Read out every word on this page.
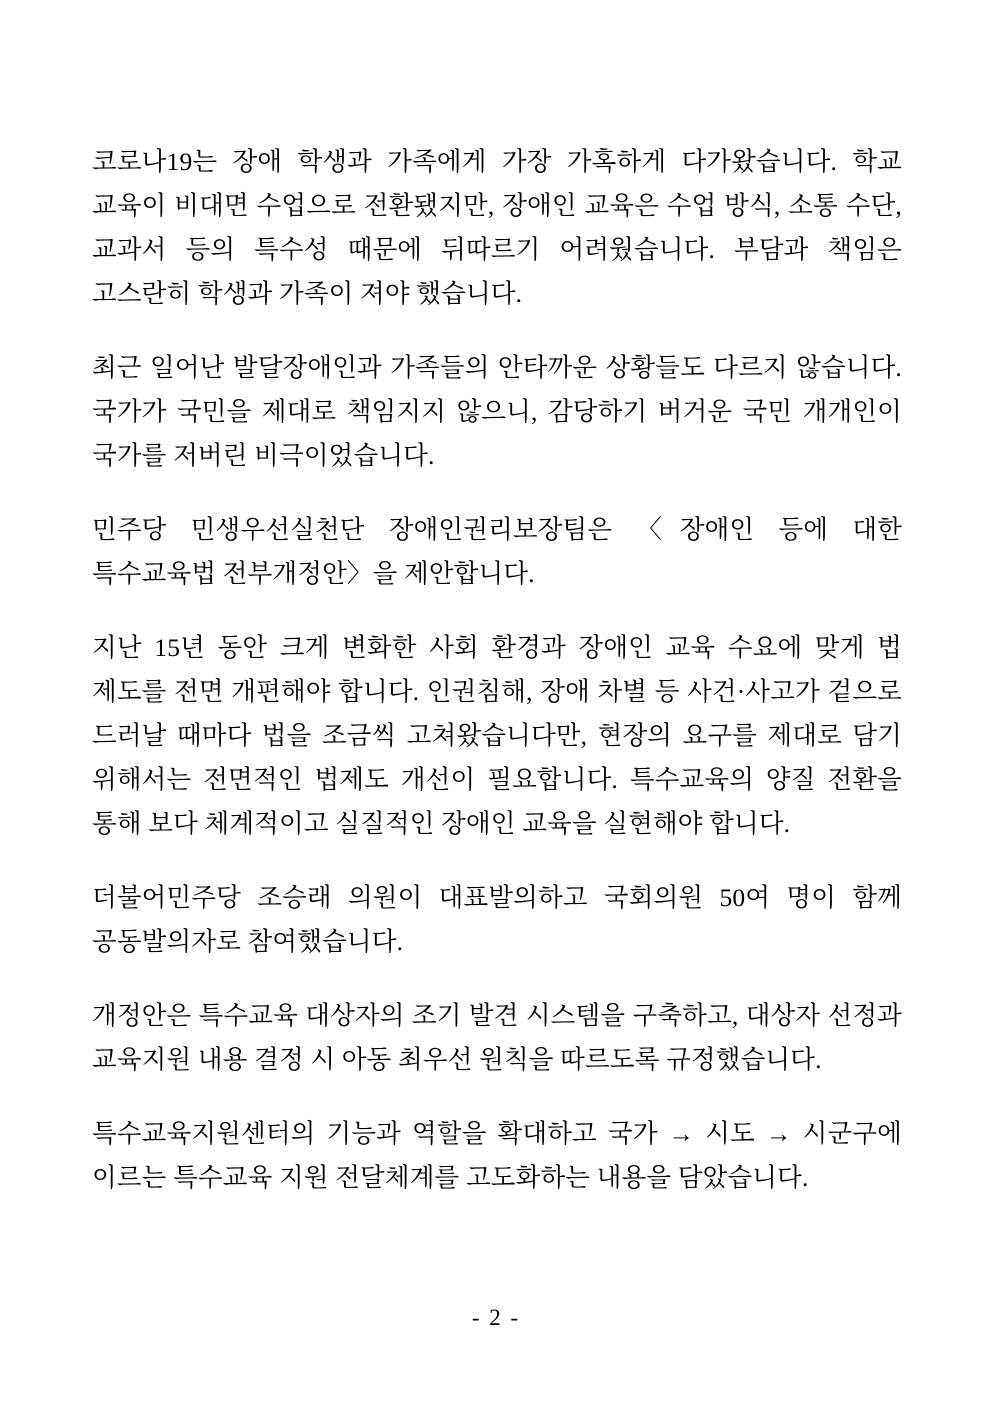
코로나19는 장애 학생과 가족에게 가장 가혹하게 다가왔습니다. 학교 교육이 비대면 수업으로 전환됐지만, 장애인 교육은 수업 방식, 소통 수단, 교과서 등의 특수성 때문에 뒤따르기 어려웠습니다. 부담과 책임은 고스란히 학생과 가족이 져야 했습니다.

최근 일어난 발달장애인과 가족들의 안타까운 상황들도 다르지 않습니다. 국가가 국민을 제대로 책임지지 않으니, 감당하기 버거운 국민 개개인이 국가를 저버린 비극이었습니다.

민주당 민생우선실천단 장애인권리보장팀은 〈장애인 등에 대한 특수교육법 전부개정안〉을 제안합니다.

지난 15년 동안 크게 변화한 사회 환경과 장애인 교육 수요에 맞게 법 제도를 전면 개편해야 합니다. 인권침해, 장애 차별 등 사건·사고가 겉으로 드러날 때마다 법을 조금씩 고쳐왔습니다만, 현장의 요구를 제대로 담기 위해서는 전면적인 법제도 개선이 필요합니다. 특수교육의 양질 전환을 통해 보다 체계적이고 실질적인 장애인 교육을 실현해야 합니다.

더불어민주당 조승래 의원이 대표발의하고 국회의원 50여 명이 함께 공동발의자로 참여했습니다.

개정안은 특수교육 대상자의 조기 발견 시스템을 구축하고, 대상자 선정과 교육지원 내용 결정 시 아동 최우선 원칙을 따르도록 규정했습니다.

특수교육지원센터의 기능과 역할을 확대하고 국가 → 시도 → 시군구에 이르는 특수교육 지원 전달체계를 고도화하는 내용을 담았습니다.

- 2 -
